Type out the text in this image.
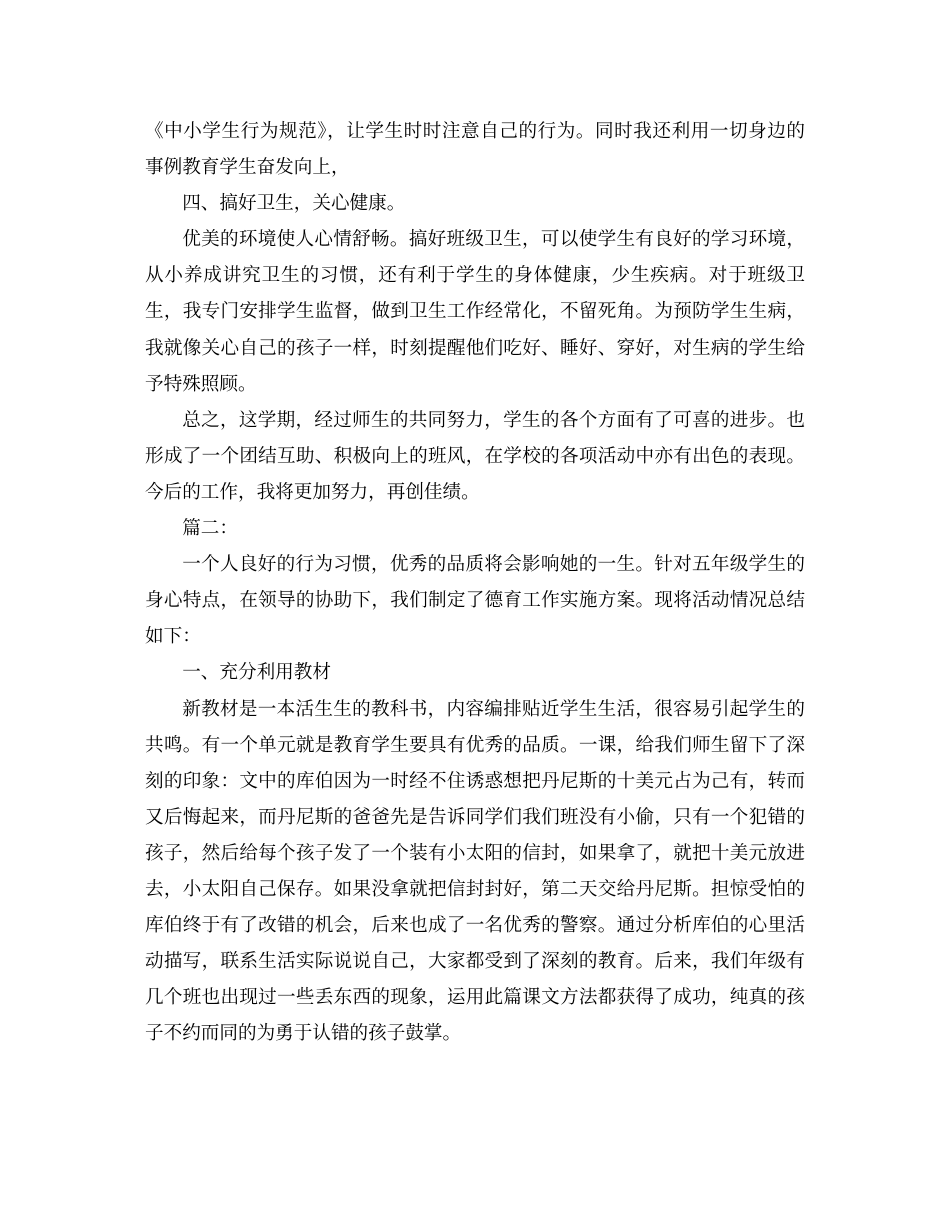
《中小学生行为规范》，让学生时时注意自己的行为。同时我还利用一切身边的事例教育学生奋发向上，

四、搞好卫生，关心健康。

优美的环境使人心情舒畅。搞好班级卫生，可以使学生有良好的学习环境，从小养成讲究卫生的习惯，还有利于学生的身体健康，少生疾病。对于班级卫生，我专门安排学生监督，做到卫生工作经常化，不留死角。为预防学生生病，我就像关心自己的孩子一样，时刻提醒他们吃好、睡好、穿好，对生病的学生给予特殊照顾。

总之，这学期，经过师生的共同努力，学生的各个方面有了可喜的进步。也形成了一个团结互助、积极向上的班风，在学校的各项活动中亦有出色的表现。今后的工作，我将更加努力，再创佳绩。

篇二：

一个人良好的行为习惯，优秀的品质将会影响她的一生。针对五年级学生的身心特点，在领导的协助下，我们制定了德育工作实施方案。现将活动情况总结如下：

一、充分利用教材

新教材是一本活生生的教科书，内容编排贴近学生生活，很容易引起学生的共鸣。有一个单元就是教育学生要具有优秀的品质。一课，给我们师生留下了深刻的印象：文中的库伯因为一时经不住诱惑想把丹尼斯的十美元占为己有，转而又后悔起来，而丹尼斯的爸爸先是告诉同学们我们班没有小偷，只有一个犯错的孩子，然后给每个孩子发了一个装有小太阳的信封，如果拿了，就把十美元放进去，小太阳自己保存。如果没拿就把信封封好，第二天交给丹尼斯。担惊受怕的库伯终于有了改错的机会，后来也成了一名优秀的警察。通过分析库伯的心里活动描写，联系生活实际说说自己，大家都受到了深刻的教育。后来，我们年级有几个班也出现过一些丢东西的现象，运用此篇课文方法都获得了成功，纯真的孩子不约而同的为勇于认错的孩子鼓掌。
